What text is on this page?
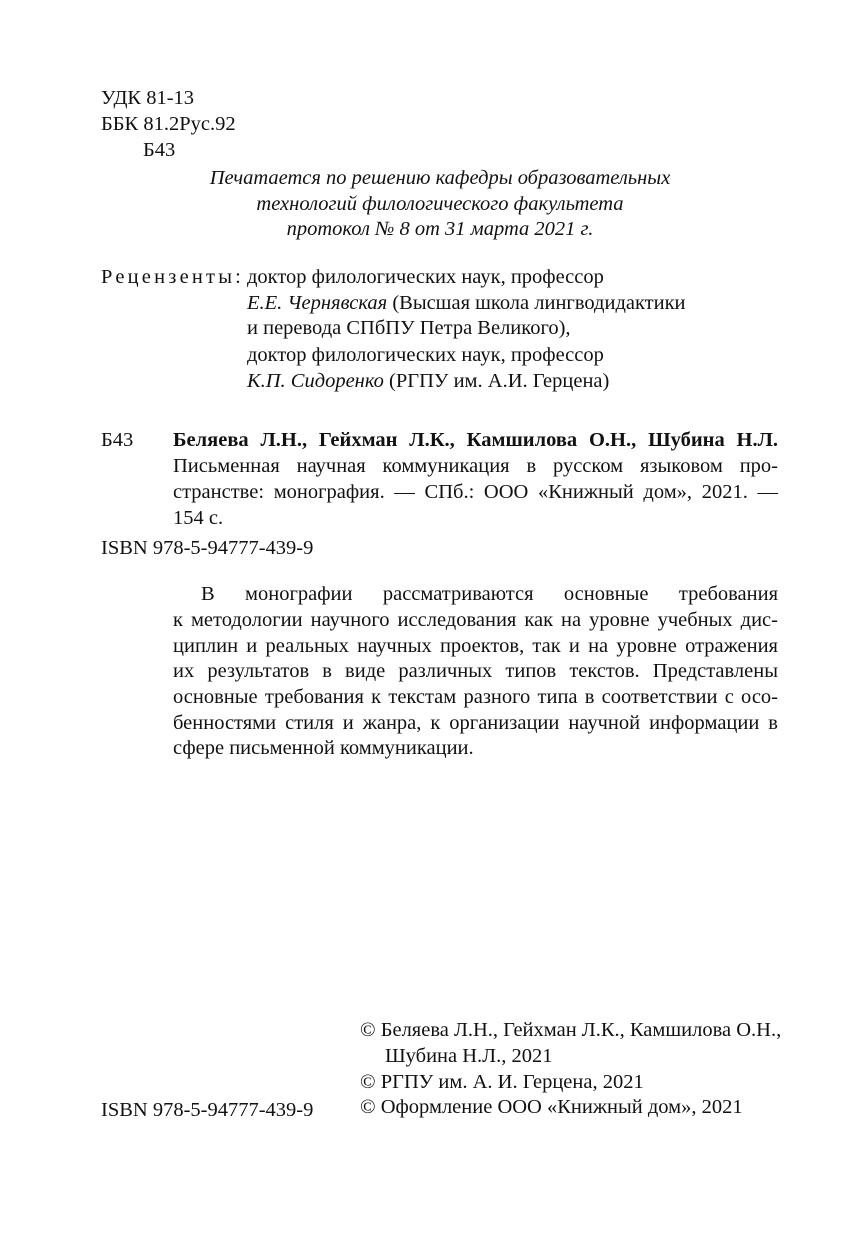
УДК 81-13
ББК 81.2Рус.92
Б43
Печатается по решению кафедры образовательных
технологий филологического факультета
протокол № 8 от 31 марта 2021 г.
Рецензенты: доктор филологических наук, профессор
Е.Е. Чернявская (Высшая школа лингводидактики
и перевода СПбПУ Петра Великого),
доктор филологических наук, профессор
К.П. Сидоренко (РГПУ им. А.И. Герцена)
Б43 Беляева Л.Н., Гейхман Л.К., Камшилова О.Н., Шубина Н.Л.
Письменная научная коммуникация в русском языковом про-
странстве: монография. — СПб.: ООО «Книжный дом», 2021. —
154 с.
ISBN 978-5-94777-439-9
В монографии рассматриваются основные требования
к методологии научного исследования как на уровне учебных дис-
циплин и реальных научных проектов, так и на уровне отражения
их результатов в виде различных типов текстов. Представлены
основные требования к текстам разного типа в соответствии с осо-
бенностями стиля и жанра, к организации научной информации в
сфере письменной коммуникации.
© Беляева Л.Н., Гейхман Л.К., Камшилова О.Н.,
Шубина Н.Л., 2021
© РГПУ им. А. И. Герцена, 2021
ISBN 978-5-94777-439-9 © Оформление ООО «Книжный дом», 2021
